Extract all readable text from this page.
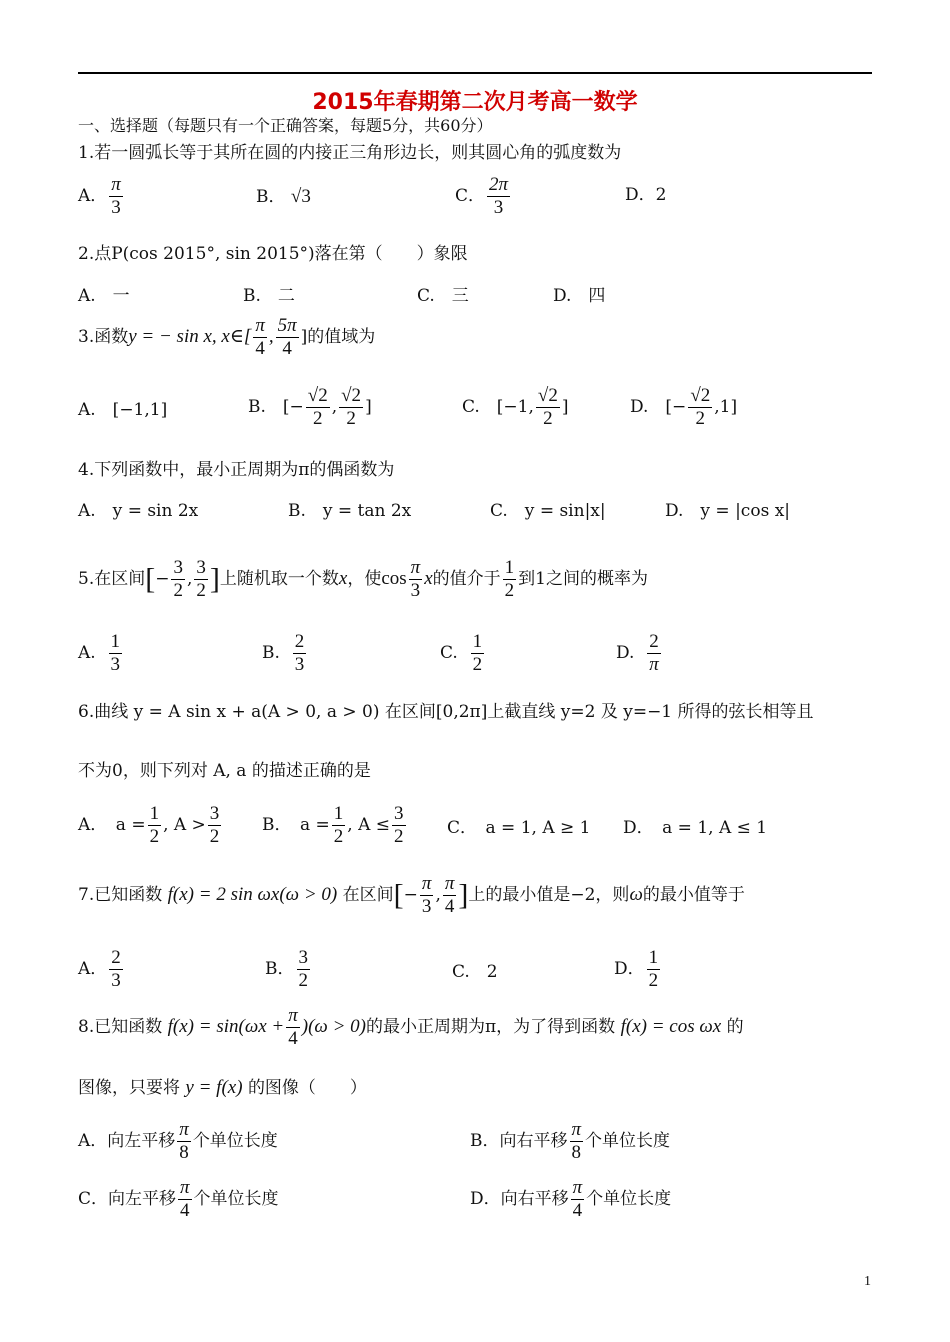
2015年春期第二次月考高一数学
一、选择题（每题只有一个正确答案，每题5分，共60分）
1.若一圆弧长等于其所在圆的内接正三角形边长，则其圆心角的弧度数为
A． $\frac{\pi}{3}$	B． √3	C． $\frac{2\pi}{3}$	D．2
2.点P(cos 2015°, sin 2015°)落在第（　　）象限
A.　一	B.　二	C.　三	D.　四
3.函数y = − sin x, x∈[ $\frac{\pi}{4}$ , $\frac{5\pi}{4}$ ]的值域为
A.　[−1,1]	B.　[− $\frac{√2}{2}$ , $\frac{√2}{2}$ ]	C.　[−1, $\frac{√2}{2}$ ]	D.　[− $\frac{√2}{2} ,1$]
4.下列函数中，最小正周期为π的偶函数为
A.　y = sin 2x	B.　y = tan 2x	C.　y = sin|x|	D.　y = |cos x|
5.在区间[− $\frac{3}{2}$ , $\frac{3}{2}$ ]上随机取一个数x，使$\cos \frac{\pi}{3}$ x的值介于 $\frac{1}{2}$ 到1之间的概率为
A. $\frac{1}{3}$	B. $\frac{2}{3}$	C. $\frac{1}{2}$	D. $\frac{2}{\pi}$
6.曲线 y = A sin x + a(A > 0, a > 0) 在区间[0,2π]上截直线 y=2 及 y=−1 所得的弦长相等且
不为0，则下列对 A, a 的描述正确的是
A．　$a = \frac{1}{2}$ , $A > \frac{3}{2}$ B．　$a = \frac{1}{2}$ , $A \le \frac{3}{2}$ C．　a = 1, A ≥ 1 D．　a = 1, A ≤ 1
7.已知函数 f(x) = 2 sin ωx(ω > 0) 在区间[− $\frac{\pi}{3}$ , $\frac{\pi}{4}$ ]上的最小值是−2，则ω的最小值等于
A． $\frac{2}{3}$	B． $\frac{3}{2}$	C.　2	D． $\frac{1}{2}$
8.已知函数 $f(x) = \sin(\omega x + \frac{\pi}{4} )(\omega > 0)$的最小正周期为π，为了得到函数 f(x) = cos ωx 的
图像，只要将 y = f(x) 的图像（　　）
A．向左平移 $\frac{\pi}{8}$ 个单位长度	B．向右平移 $\frac{\pi}{8}$ 个单位长度
C．向左平移 $\frac{\pi}{4}$ 个单位长度	D．向右平移 $\frac{\pi}{4}$ 个单位长度
1
